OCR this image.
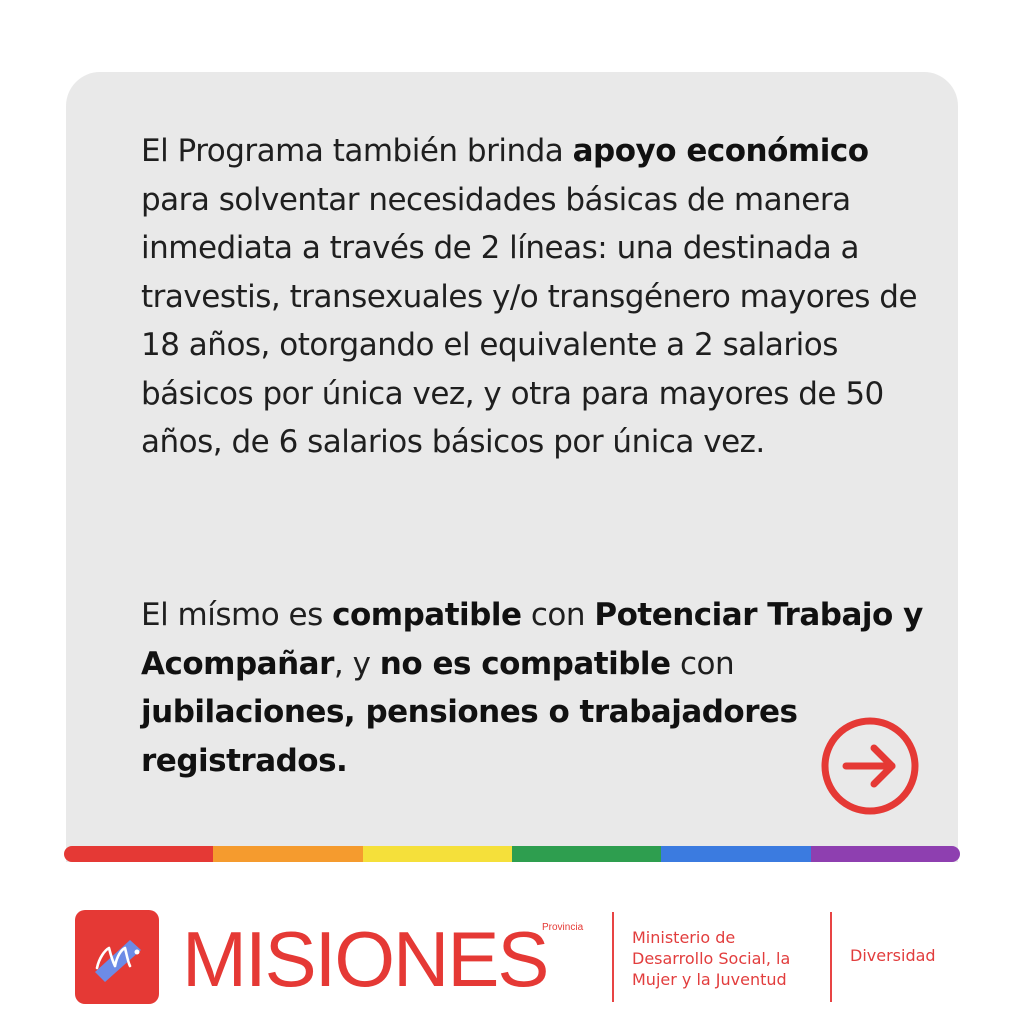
El Programa también brinda apoyo económico para solventar necesidades básicas de manera inmediata a través de 2 líneas: una destinada a travestis, transexuales y/o transgénero mayores de 18 años, otorgando el equivalente a 2 salarios básicos por única vez, y otra para mayores de 50 años, de 6 salarios básicos por única vez.

El mísmo es compatible con Potenciar Trabajo y Acompañar, y no es compatible con jubilaciones, pensiones o trabajadores registrados.

MISIONES
Provincia
Ministerio de
Desarrollo Social, la
Mujer y la Juventud
Diversidad
